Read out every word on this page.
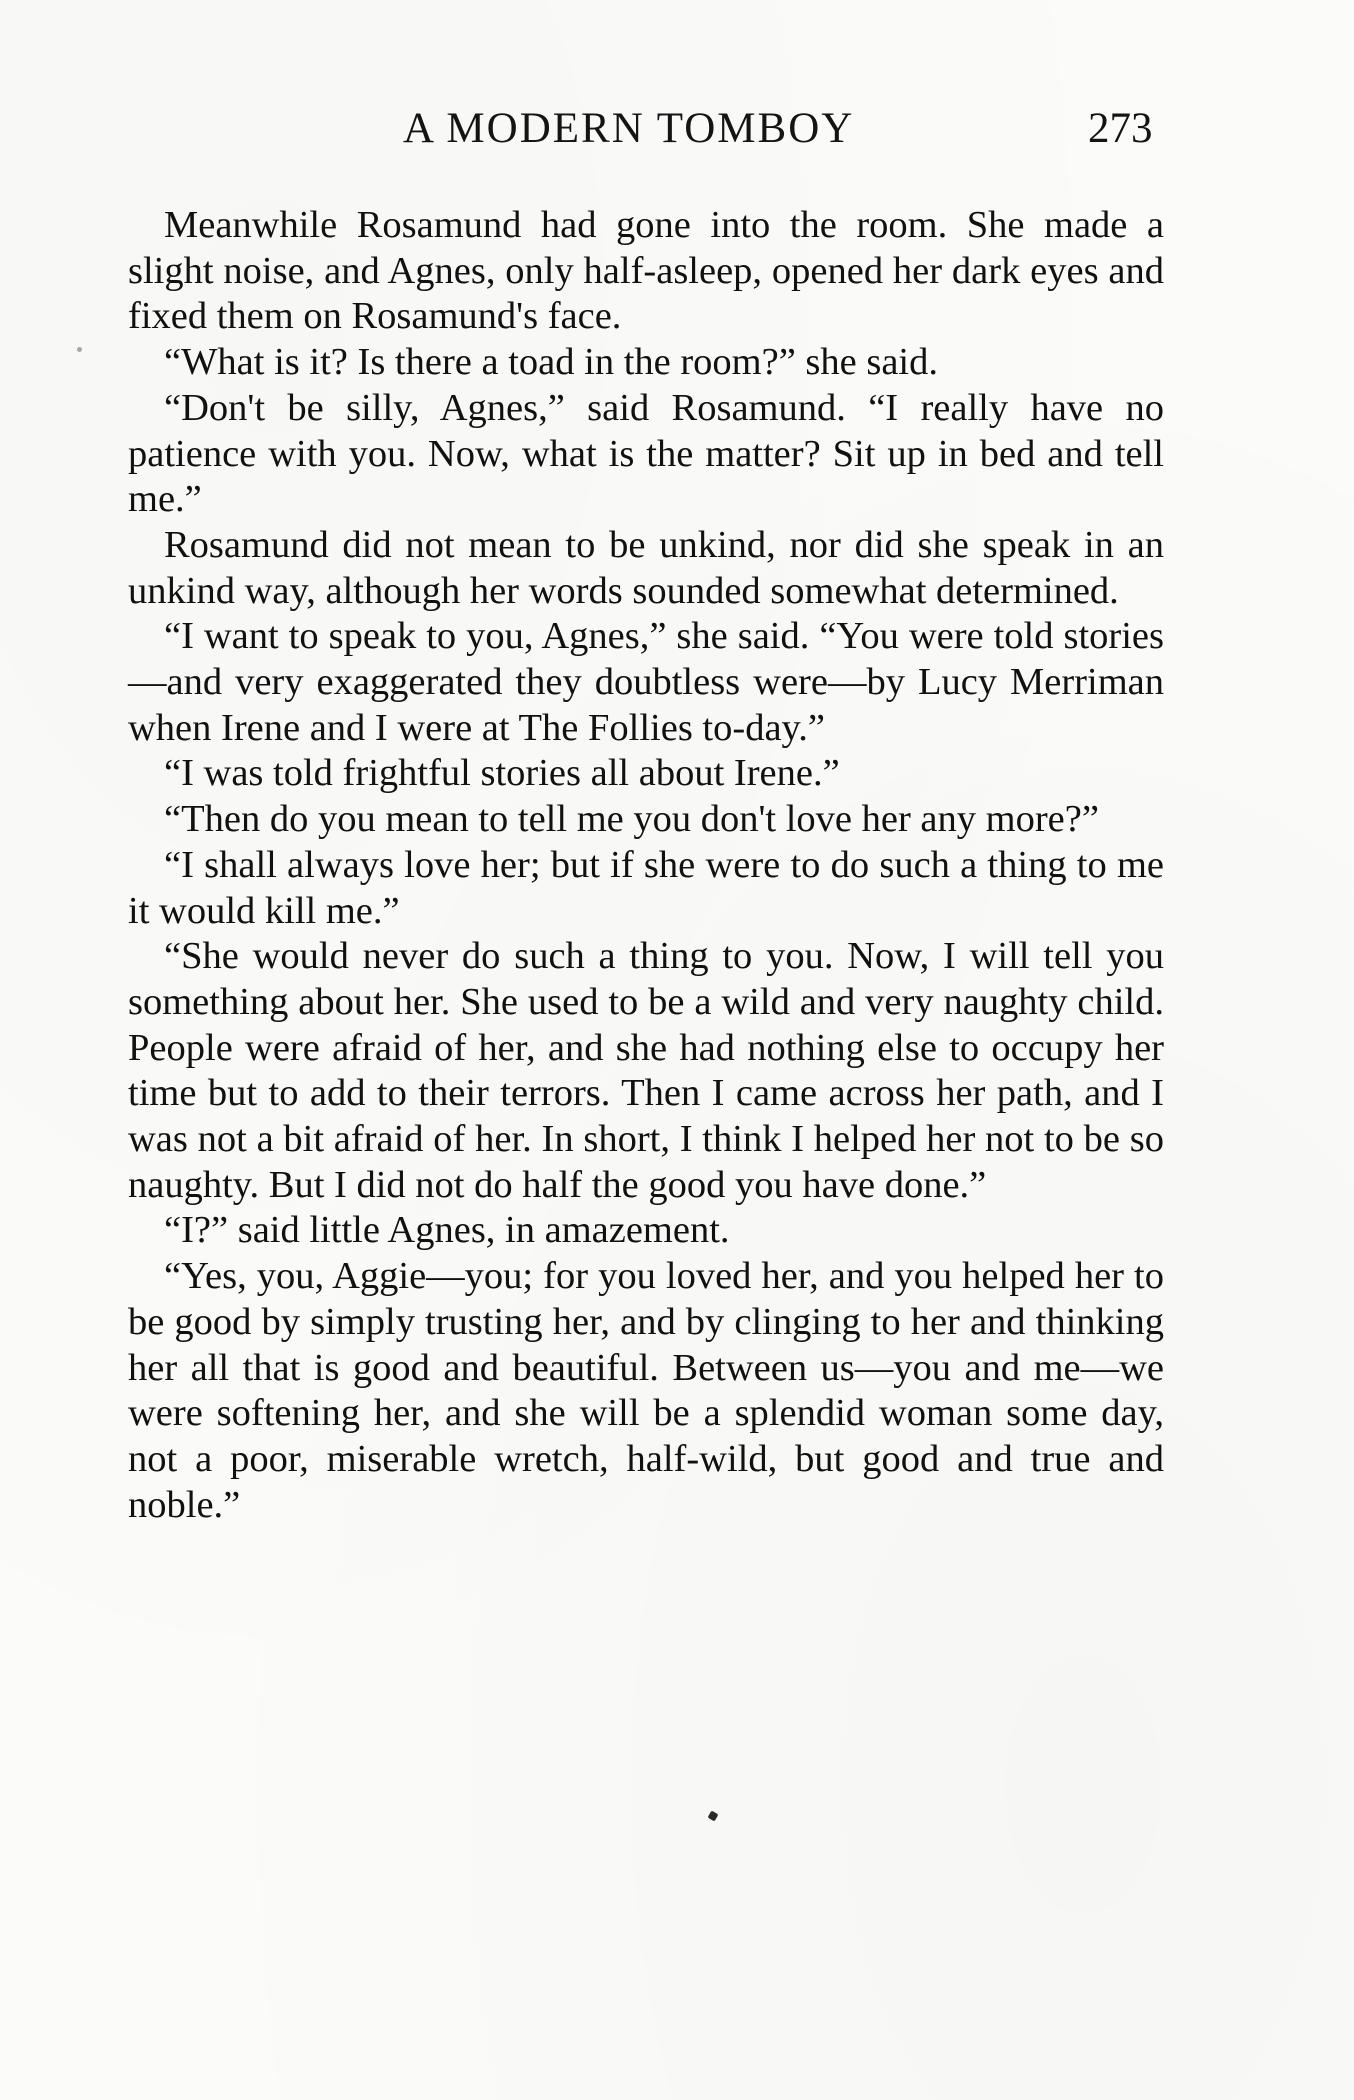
A MODERN TOMBOY	273

Meanwhile Rosamund had gone into the room. She made a slight noise, and Agnes, only half-asleep, opened her dark eyes and fixed them on Rosamund's face.

“What is it? Is there a toad in the room?” she said.

“Don't be silly, Agnes,” said Rosamund. “I really have no patience with you. Now, what is the matter? Sit up in bed and tell me.”

Rosamund did not mean to be unkind, nor did she speak in an unkind way, although her words sounded somewhat determined.

“I want to speak to you, Agnes,” she said. “You were told stories—and very exaggerated they doubtless were—by Lucy Merriman when Irene and I were at The Follies to-day.”

“I was told frightful stories all about Irene.”

“Then do you mean to tell me you don't love her any more?”

“I shall always love her; but if she were to do such a thing to me it would kill me.”

“She would never do such a thing to you. Now, I will tell you something about her. She used to be a wild and very naughty child. People were afraid of her, and she had nothing else to occupy her time but to add to their terrors. Then I came across her path, and I was not a bit afraid of her. In short, I think I helped her not to be so naughty. But I did not do half the good you have done.”

“I?” said little Agnes, in amazement.

“Yes, you, Aggie—you; for you loved her, and you helped her to be good by simply trusting her, and by clinging to her and thinking her all that is good and beautiful. Between us—you and me—we were softening her, and she will be a splendid woman some day, not a poor, miserable wretch, half-wild, but good and true and noble.”
